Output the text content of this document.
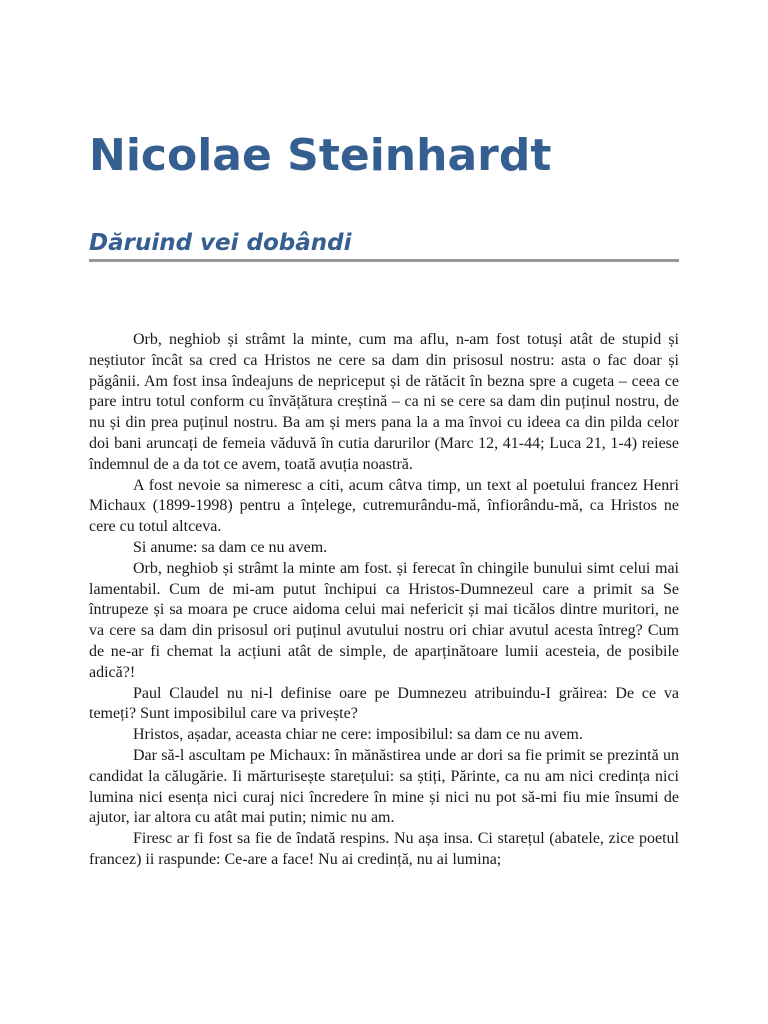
Nicolae Steinhardt
Dăruind vei dobândi

Orb, neghiob și strâmt la minte, cum ma aflu, n-am fost totuși atât de stupid și neștiutor încât sa cred ca Hristos ne cere sa dam din prisosul nostru: asta o fac doar și păgânii. Am fost insa îndeajuns de nepriceput și de rătăcit în bezna spre a cugeta – ceea ce pare intru totul conform cu învățătura creștină – ca ni se cere sa dam din puținul nostru, de nu și din prea puținul nostru. Ba am și mers pana la a ma învoi cu ideea ca din pilda celor doi bani aruncați de femeia văduvă în cutia darurilor (Marc 12, 41-44; Luca 21, 1-4) reiese îndemnul de a da tot ce avem, toată avuția noastră.

A fost nevoie sa nimeresc a citi, acum câtva timp, un text al poetului francez Henri Michaux (1899-1998) pentru a înțelege, cutremurându-mă, înfiorându-mă, ca Hristos ne cere cu totul altceva.

Si anume: sa dam ce nu avem.

Orb, neghiob și strâmt la minte am fost. și ferecat în chingile bunului simt celui mai lamentabil. Cum de mi-am putut închipui ca Hristos-Dumnezeul care a primit sa Se întrupeze și sa moara pe cruce aidoma celui mai nefericit și mai ticălos dintre muritori, ne va cere sa dam din prisosul ori puținul avutului nostru ori chiar avutul acesta întreg? Cum de ne-ar fi chemat la acțiuni atât de simple, de aparținătoare lumii acesteia, de posibile adică?!

Paul Claudel nu ni-l definise oare pe Dumnezeu atribuindu-I grăirea: De ce va temeți? Sunt imposibilul care va privește?

Hristos, așadar, aceasta chiar ne cere: imposibilul: sa dam ce nu avem.

Dar să-l ascultam pe Michaux: în mănăstirea unde ar dori sa fie primit se prezintă un candidat la călugărie. Ii mărturisește starețului: sa știți, Părinte, ca nu am nici credința nici lumina nici esența nici curaj nici încredere în mine și nici nu pot să-mi fiu mie însumi de ajutor, iar altora cu atât mai putin; nimic nu am.

Firesc ar fi fost sa fie de îndată respins. Nu așa insa. Ci starețul (abatele, zice poetul francez) ii raspunde: Ce-are a face! Nu ai credință, nu ai lumina;
